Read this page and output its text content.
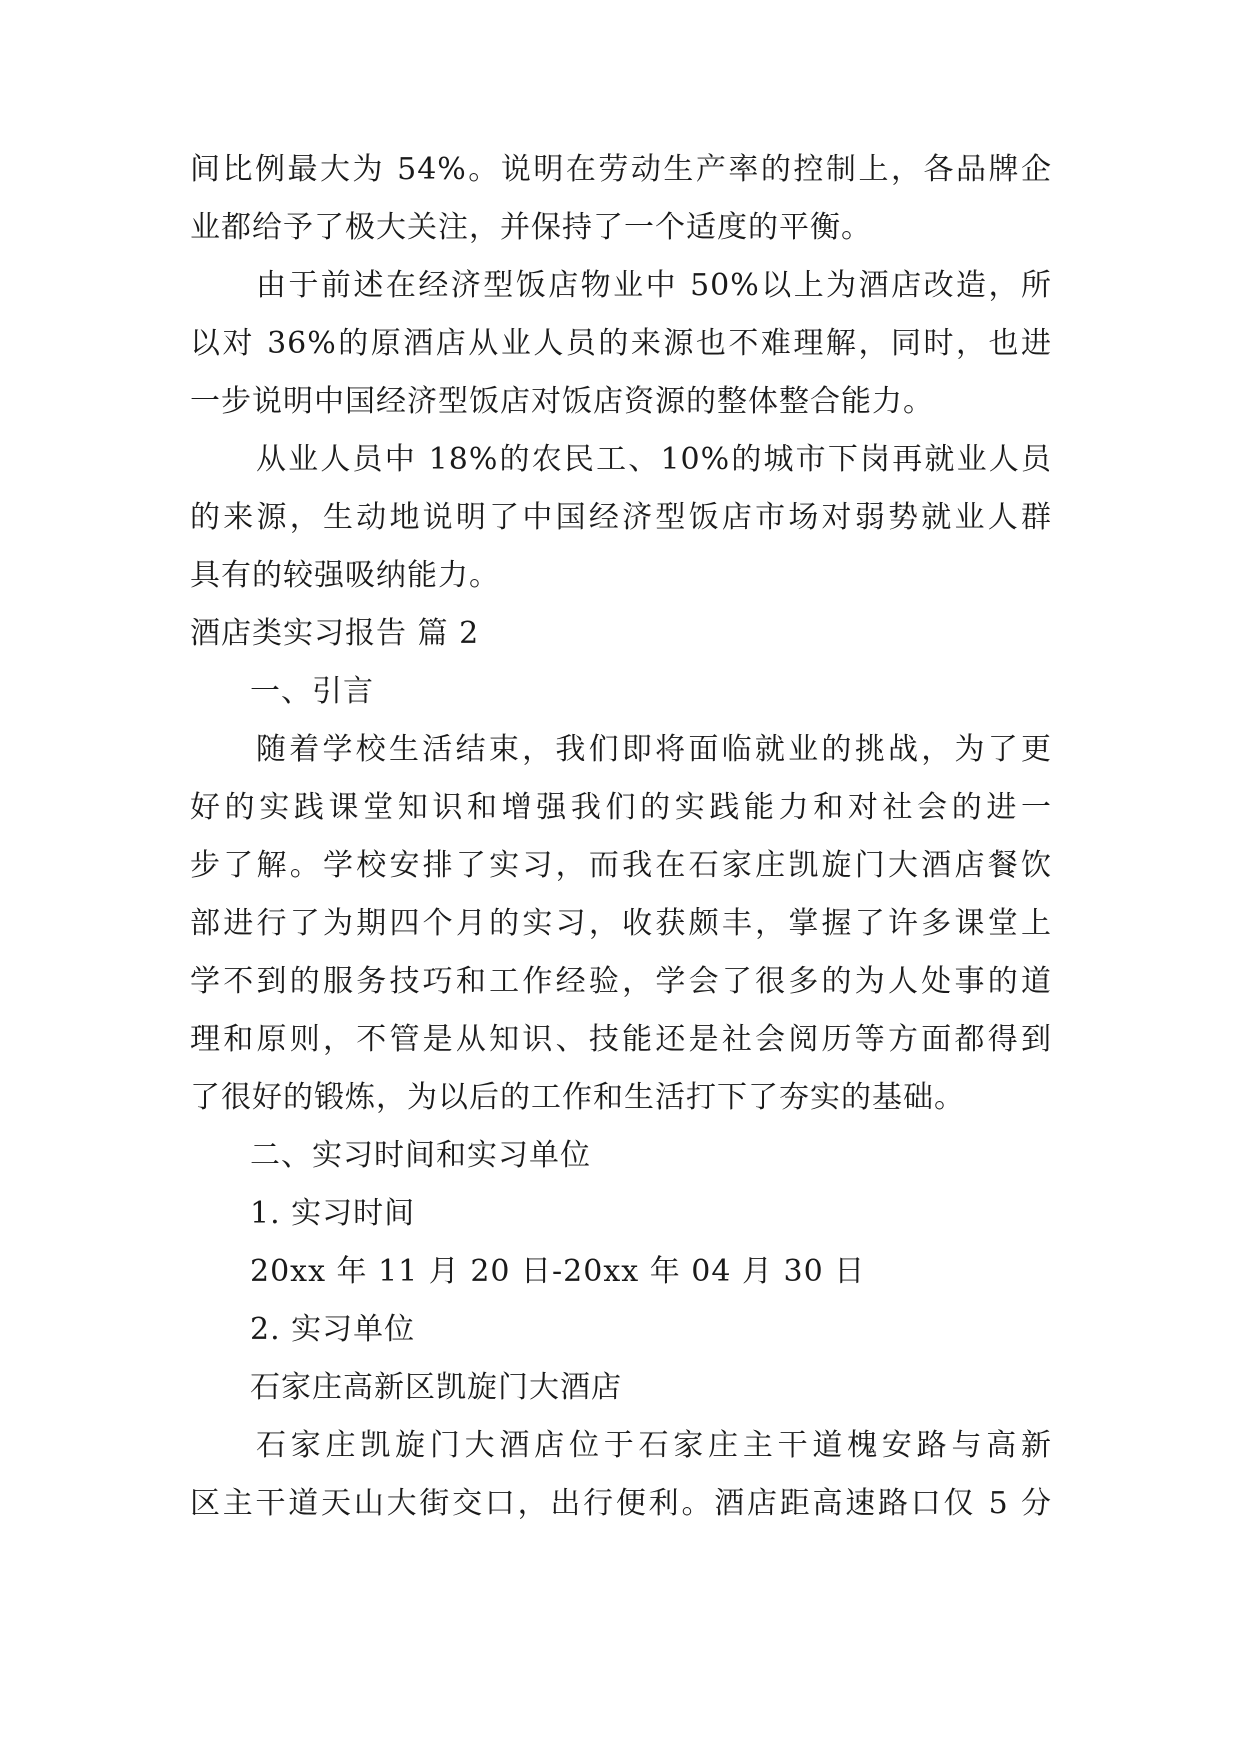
间比例最大为 54%。说明在劳动生产率的控制上，各品牌企
业都给予了极大关注，并保持了一个适度的平衡。
由于前述在经济型饭店物业中 50%以上为酒店改造，所
以对 36%的原酒店从业人员的来源也不难理解，同时，也进
一步说明中国经济型饭店对饭店资源的整体整合能力。
从业人员中 18%的农民工、10%的城市下岗再就业人员
的来源，生动地说明了中国经济型饭店市场对弱势就业人群
具有的较强吸纳能力。
酒店类实习报告 篇 2
一、引言
随着学校生活结束，我们即将面临就业的挑战，为了更
好的实践课堂知识和增强我们的实践能力和对社会的进一
步了解。学校安排了实习，而我在石家庄凯旋门大酒店餐饮
部进行了为期四个月的实习，收获颇丰，掌握了许多课堂上
学不到的服务技巧和工作经验，学会了很多的为人处事的道
理和原则，不管是从知识、技能还是社会阅历等方面都得到
了很好的锻炼，为以后的工作和生活打下了夯实的基础。
二、实习时间和实习单位
1. 实习时间
20xx 年 11 月 20 日-20xx 年 04 月 30 日
2. 实习单位
石家庄高新区凯旋门大酒店
石家庄凯旋门大酒店位于石家庄主干道槐安路与高新
区主干道天山大街交口，出行便利。酒店距高速路口仅 5 分
